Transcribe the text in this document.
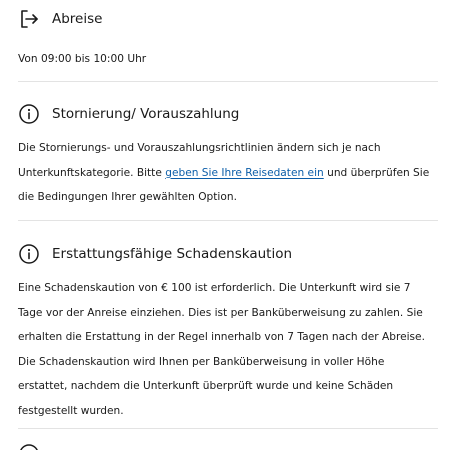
Abreise

Von 09:00 bis 10:00 Uhr

Stornierung/ Vorauszahlung

Die Stornierungs- und Vorauszahlungsrichtlinien ändern sich je nach Unterkunftskategorie. Bitte geben Sie Ihre Reisedaten ein und überprüfen Sie die Bedingungen Ihrer gewählten Option.

Erstattungsfähige Schadenskaution

Eine Schadenskaution von € 100 ist erforderlich. Die Unterkunft wird sie 7 Tage vor der Anreise einziehen. Dies ist per Banküberweisung zu zahlen. Sie erhalten die Erstattung in der Regel innerhalb von 7 Tagen nach der Abreise. Die Schadenskaution wird Ihnen per Banküberweisung in voller Höhe erstattet, nachdem die Unterkunft überprüft wurde und keine Schäden festgestellt wurden.
